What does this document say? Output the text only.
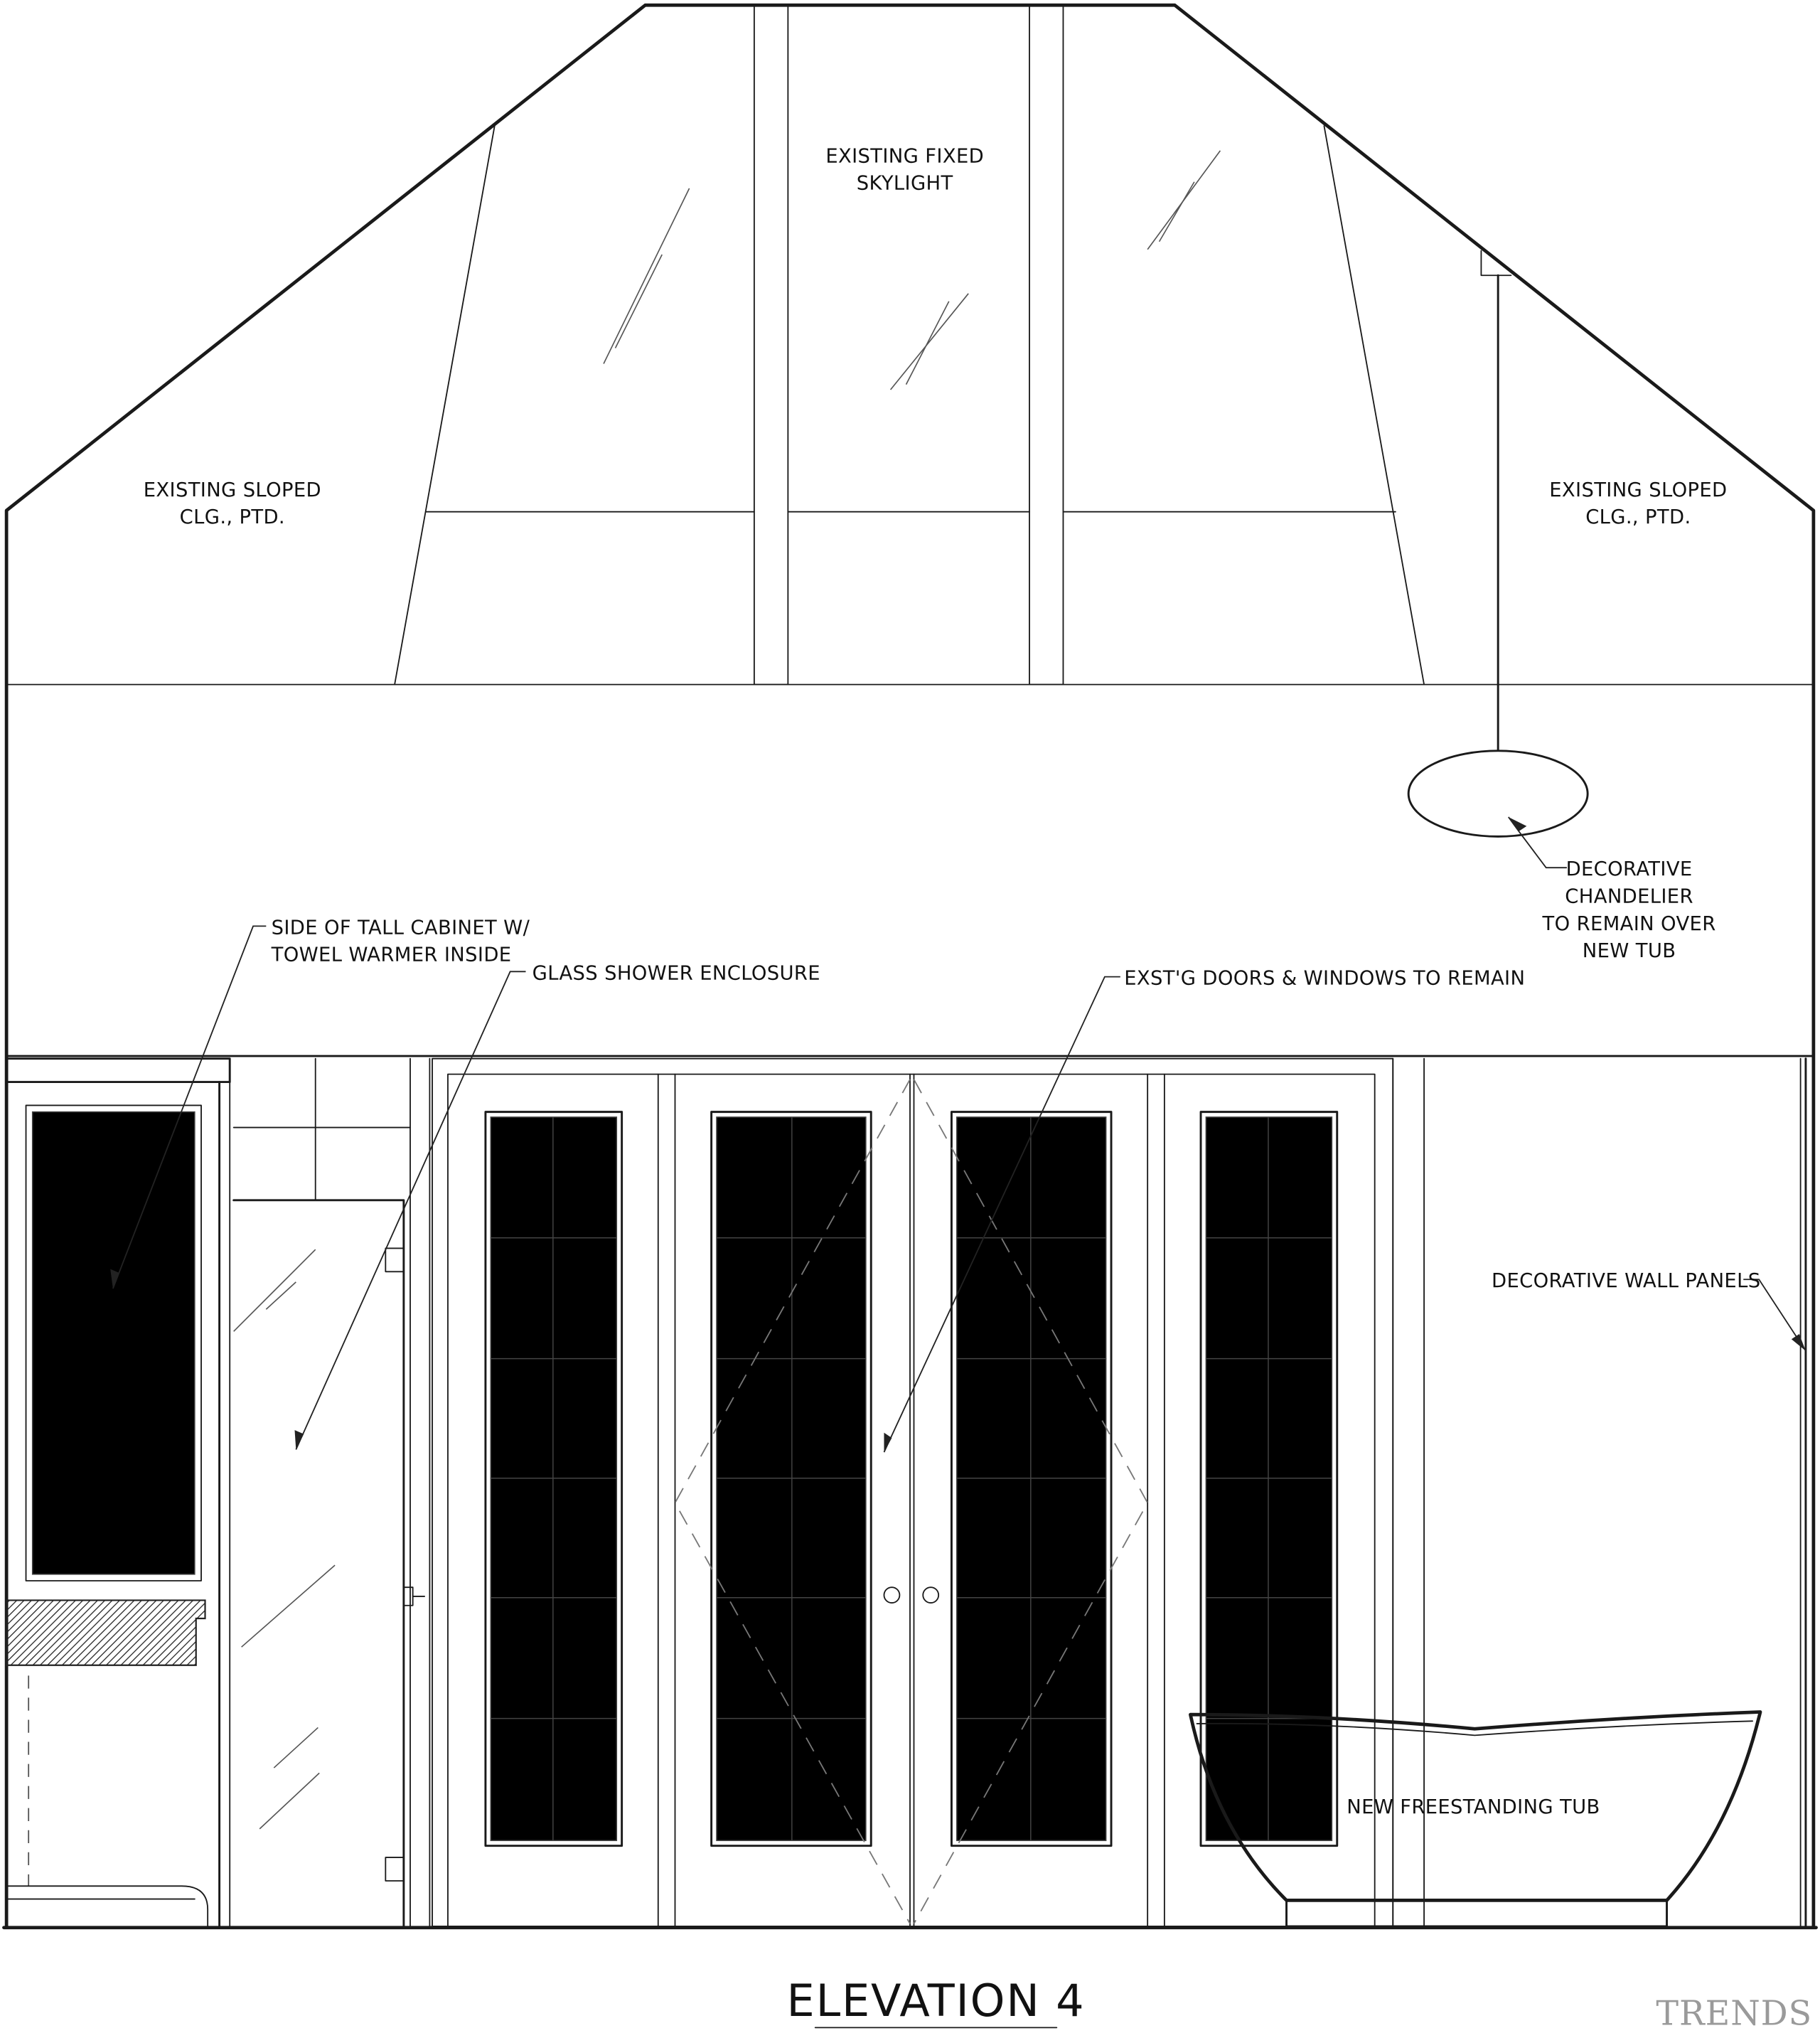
EXISTING SLOPED
CLG., PTD.
EXISTING FIXED
SKYLIGHT
EXISTING SLOPED
CLG., PTD.
DECORATIVE
CHANDELIER
TO REMAIN OVER
NEW TUB
SIDE OF TALL CABINET W/
TOWEL WARMER INSIDE
GLASS SHOWER ENCLOSURE	EXST'G DOORS & WINDOWS TO REMAIN
DECORATIVE WALL PANELS
NEW FREESTANDING TUB
ELEVATION 4	TRENDS
